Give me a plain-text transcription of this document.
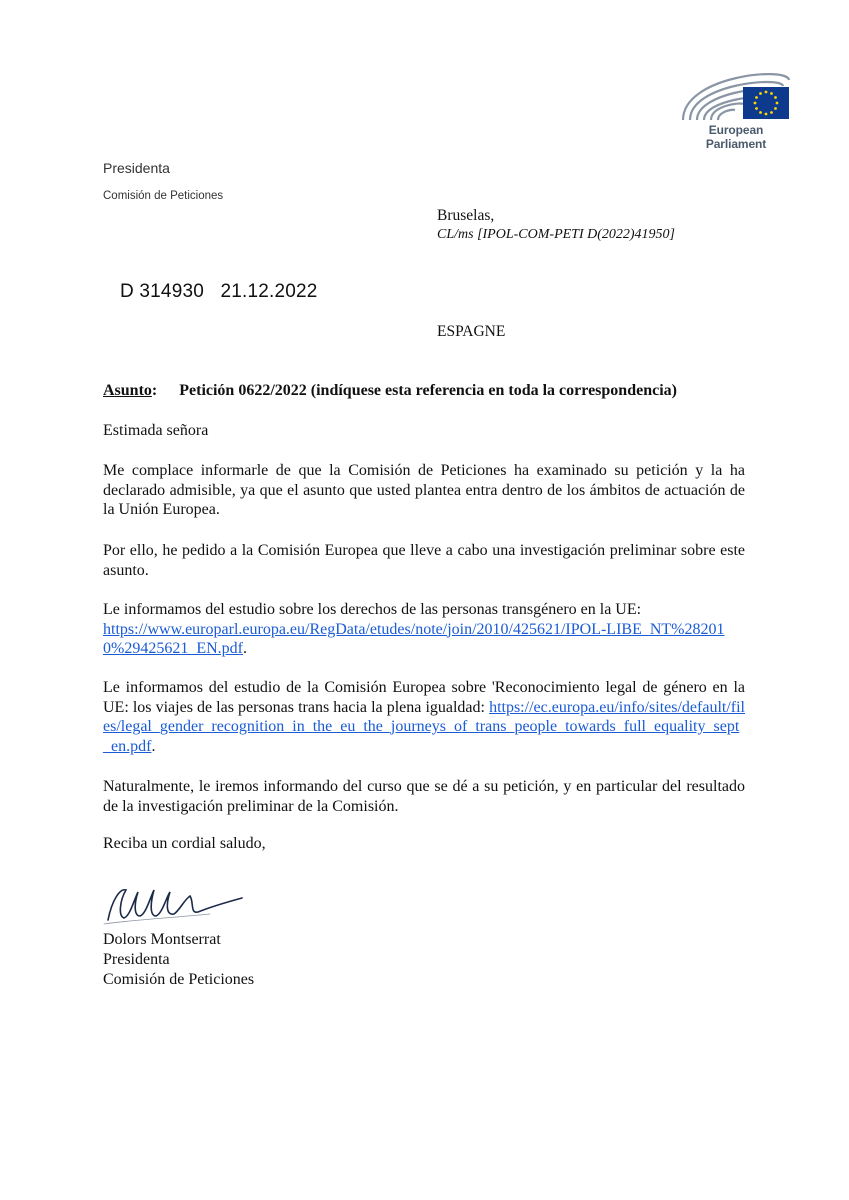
European Parliament
Presidenta
Comisión de Peticiones
Bruselas,
CL/ms [IPOL-COM-PETI D(2022)41950]
D 314930   21.12.2022
ESPAGNE
Asunto: Petición 0622/2022 (indíquese esta referencia en toda la correspondencia)
Estimada señora
Me complace informarle de que la Comisión de Peticiones ha examinado su petición y la ha declarado admisible, ya que el asunto que usted plantea entra dentro de los ámbitos de actuación de la Unión Europea.
Por ello, he pedido a la Comisión Europea que lleve a cabo una investigación preliminar sobre este asunto.
Le informamos del estudio sobre los derechos de las personas transgénero en la UE:
https://www.europarl.europa.eu/RegData/etudes/note/join/2010/425621/IPOL-LIBE_NT%282010%29425621_EN.pdf.
Le informamos del estudio de la Comisión Europea sobre 'Reconocimiento legal de género en la UE: los viajes de las personas trans hacia la plena igualdad: https://ec.europa.eu/info/sites/default/files/legal_gender_recognition_in_the_eu_the_journeys_of_trans_people_towards_full_equality_sept_en.pdf.
Naturalmente, le iremos informando del curso que se dé a su petición, y en particular del resultado de la investigación preliminar de la Comisión.
Reciba un cordial saludo,
Dolors Montserrat
Presidenta
Comisión de Peticiones
